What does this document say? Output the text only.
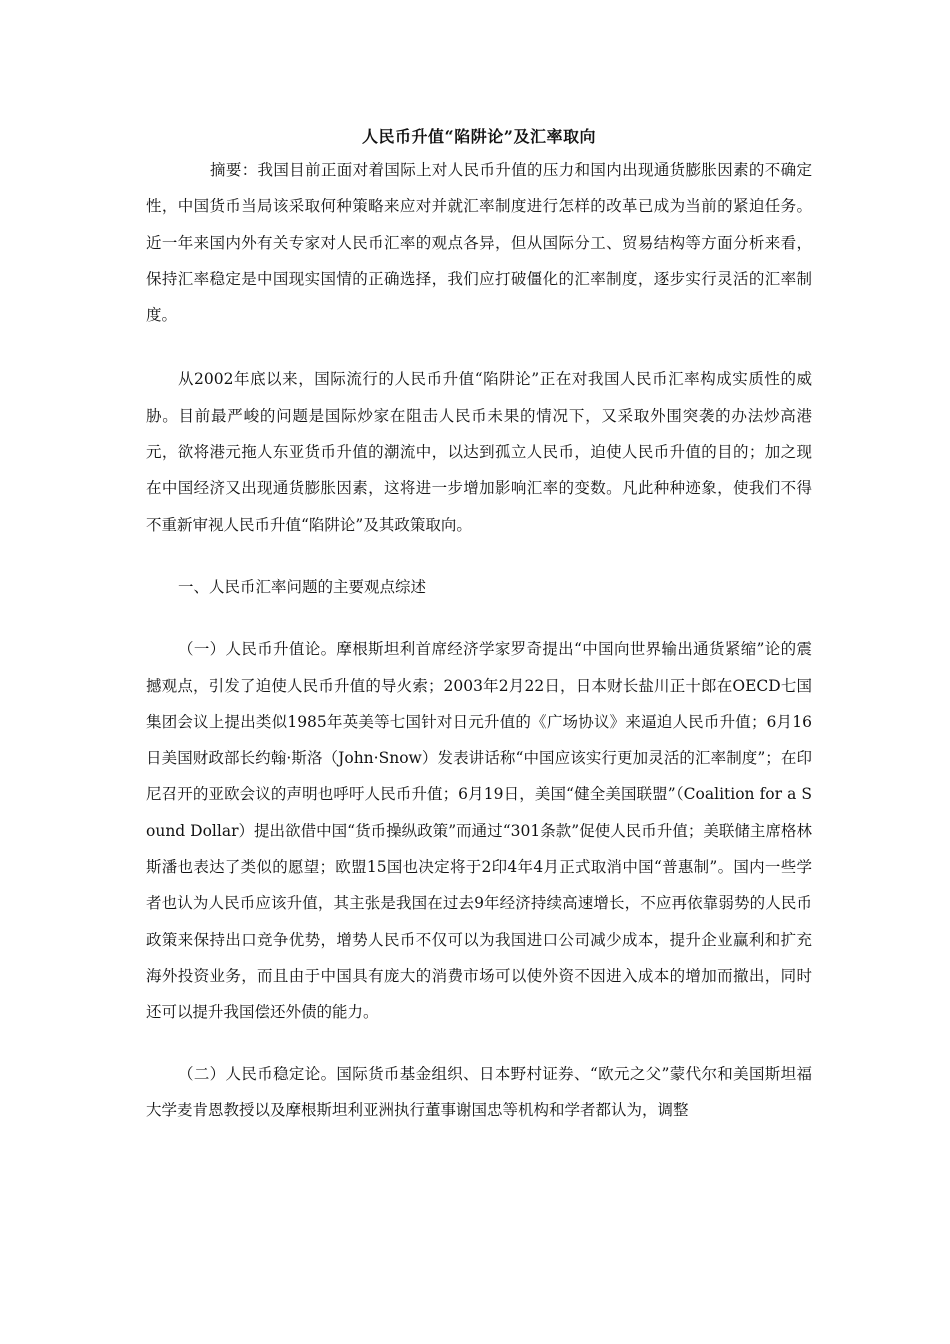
人民币升值“陷阱论”及汇率取向

摘要：我国目前正面对着国际上对人民币升值的压力和国内出现通货膨胀因素的不确定性，中国货币当局该采取何种策略来应对并就汇率制度进行怎样的改革已成为当前的紧迫任务。近一年来国内外有关专家对人民币汇率的观点各异，但从国际分工、贸易结构等方面分析来看，保持汇率稳定是中国现实国情的正确选择，我们应打破僵化的汇率制度，逐步实行灵活的汇率制度。

从2002年底以来，国际流行的人民币升值“陷阱论”正在对我国人民币汇率构成实质性的威胁。目前最严峻的问题是国际炒家在阻击人民币未果的情况下，又采取外围突袭的办法炒高港元，欲将港元拖人东亚货币升值的潮流中，以达到孤立人民币，迫使人民币升值的目的；加之现在中国经济又出现通货膨胀因素，这将进一步增加影响汇率的变数。凡此种种迹象，使我们不得不重新审视人民币升值“陷阱论”及其政策取向。

一、人民币汇率问题的主要观点综述

（一）人民币升值论。摩根斯坦利首席经济学家罗奇提出“中国向世界输出通货紧缩”论的震撼观点，引发了迫使人民币升值的导火索；2003年2月22日，日本财长盐川正十郎在OECD七国集团会议上提出类似1985年英美等七国针对日元升值的《广场协议》来逼迫人民币升值；6月16日美国财政部长约翰·斯洛（John·Snow）发表讲话称“中国应该实行更加灵活的汇率制度”；在印尼召开的亚欧会议的声明也呼吁人民币升值；6月19日，美国“健全美国联盟”（Coalition for a Sound Dollar）提出欲借中国“货币操纵政策”而通过“301条款”促使人民币升值；美联储主席格林斯潘也表达了类似的愿望；欧盟15国也决定将于2印4年4月正式取消中国“普惠制”。国内一些学者也认为人民币应该升值，其主张是我国在过去9年经济持续高速增长，不应再依靠弱势的人民币政策来保持出口竞争优势，增势人民币不仅可以为我国进口公司减少成本，提升企业赢利和扩充海外投资业务，而且由于中国具有庞大的消费市场可以使外资不因进入成本的增加而撤出，同时还可以提升我国偿还外债的能力。

（二）人民币稳定论。国际货币基金组织、日本野村证券、“欧元之父”蒙代尔和美国斯坦福大学麦肯恩教授以及摩根斯坦利亚洲执行董事谢国忠等机构和学者都认为，调整
